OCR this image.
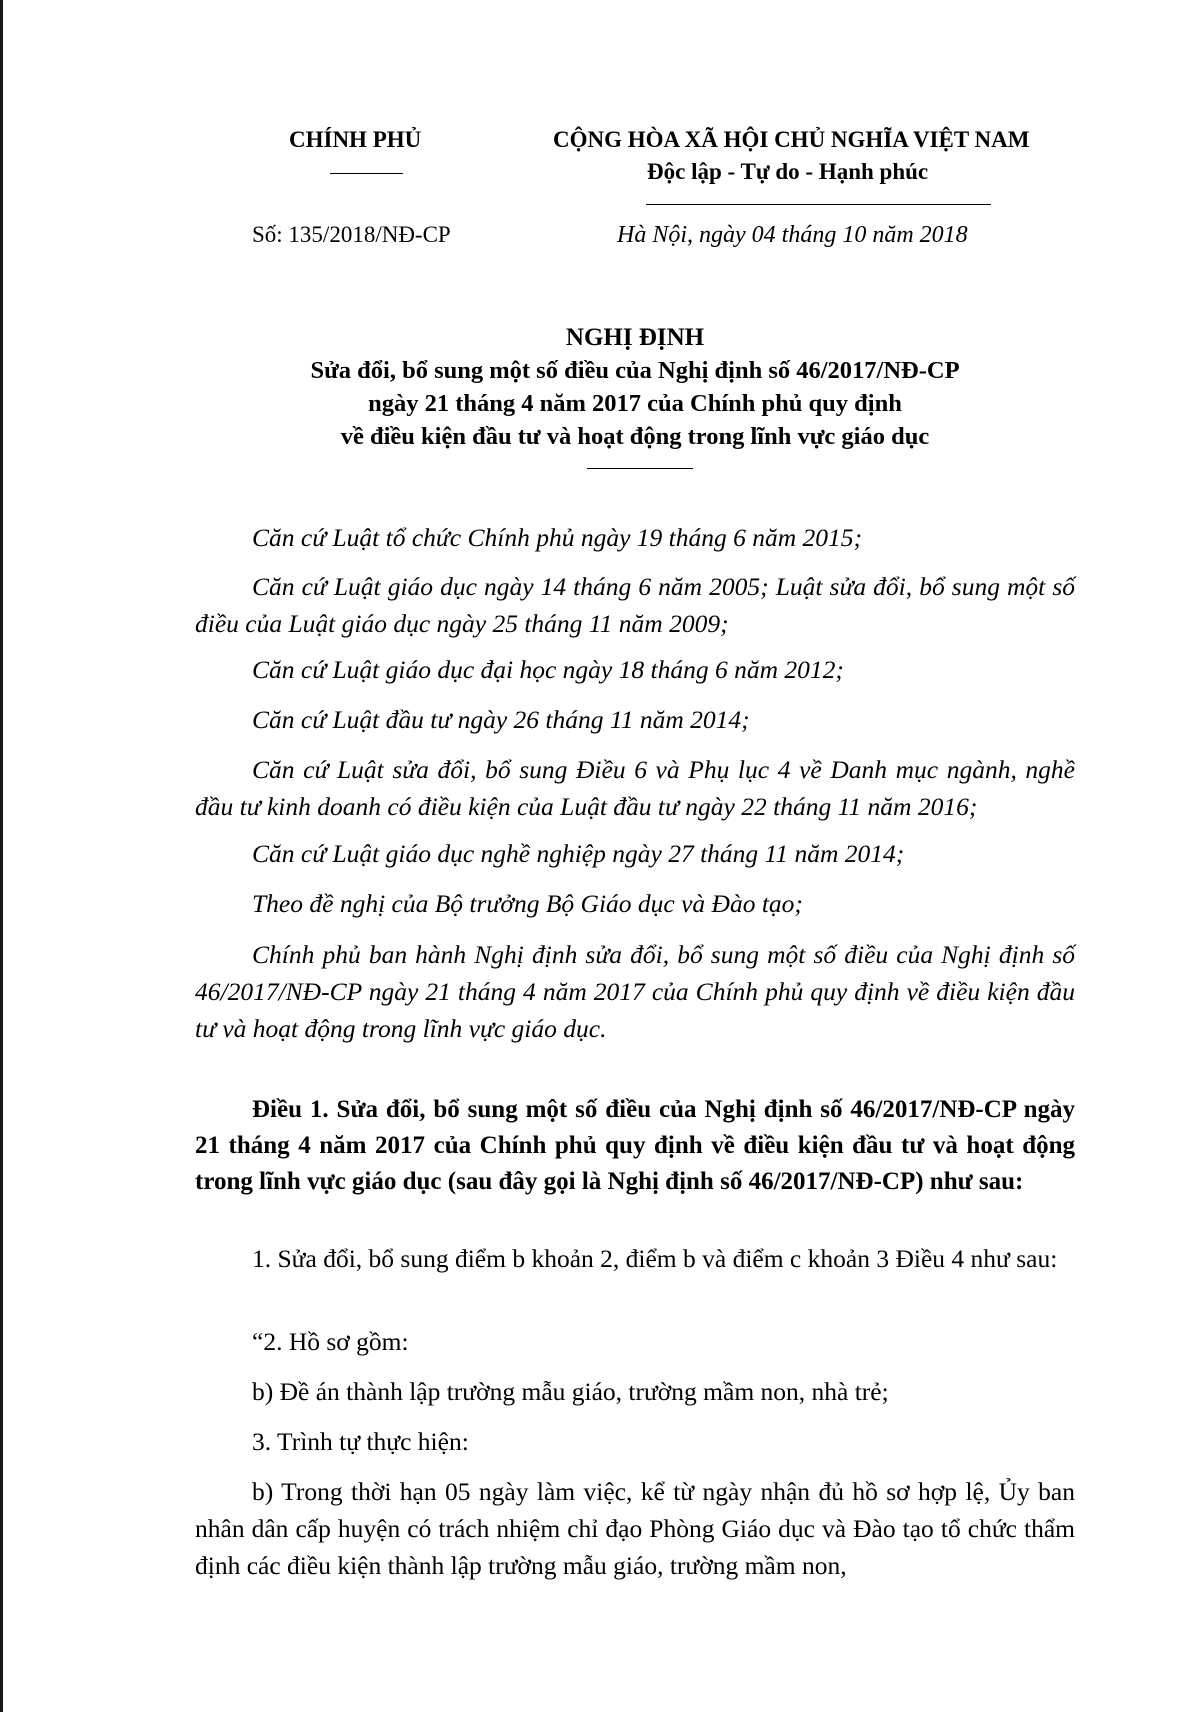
CHÍNH PHỦ	CỘNG HÒA XÃ HỘI CHỦ NGHĨA VIỆT NAM
Độc lập - Tự do - Hạnh phúc
Số: 135/2018/NĐ-CP	Hà Nội, ngày 04 tháng 10 năm 2018
NGHỊ ĐỊNH
Sửa đổi, bổ sung một số điều của Nghị định số 46/2017/NĐ-CP
ngày 21 tháng 4 năm 2017 của Chính phủ quy định
về điều kiện đầu tư và hoạt động trong lĩnh vực giáo dục
Căn cứ Luật tổ chức Chính phủ ngày 19 tháng 6 năm 2015;
Căn cứ Luật giáo dục ngày 14 tháng 6 năm 2005; Luật sửa đổi, bổ sung một số điều của Luật giáo dục ngày 25 tháng 11 năm 2009;
Căn cứ Luật giáo dục đại học ngày 18 tháng 6 năm 2012;
Căn cứ Luật đầu tư ngày 26 tháng 11 năm 2014;
Căn cứ Luật sửa đổi, bổ sung Điều 6 và Phụ lục 4 về Danh mục ngành, nghề đầu tư kinh doanh có điều kiện của Luật đầu tư ngày 22 tháng 11 năm 2016;
Căn cứ Luật giáo dục nghề nghiệp ngày 27 tháng 11 năm 2014;
Theo đề nghị của Bộ trưởng Bộ Giáo dục và Đào tạo;
Chính phủ ban hành Nghị định sửa đổi, bổ sung một số điều của Nghị định số 46/2017/NĐ-CP ngày 21 tháng 4 năm 2017 của Chính phủ quy định về điều kiện đầu tư và hoạt động trong lĩnh vực giáo dục.
Điều 1. Sửa đổi, bổ sung một số điều của Nghị định số 46/2017/NĐ-CP ngày 21 tháng 4 năm 2017 của Chính phủ quy định về điều kiện đầu tư và hoạt động trong lĩnh vực giáo dục (sau đây gọi là Nghị định số 46/2017/NĐ-CP) như sau:
1. Sửa đổi, bổ sung điểm b khoản 2, điểm b và điểm c khoản 3 Điều 4 như sau:
“2. Hồ sơ gồm:
b) Đề án thành lập trường mẫu giáo, trường mầm non, nhà trẻ;
3. Trình tự thực hiện:
b) Trong thời hạn 05 ngày làm việc, kể từ ngày nhận đủ hồ sơ hợp lệ, Ủy ban nhân dân cấp huyện có trách nhiệm chỉ đạo Phòng Giáo dục và Đào tạo tổ chức thẩm định các điều kiện thành lập trường mẫu giáo, trường mầm non,
